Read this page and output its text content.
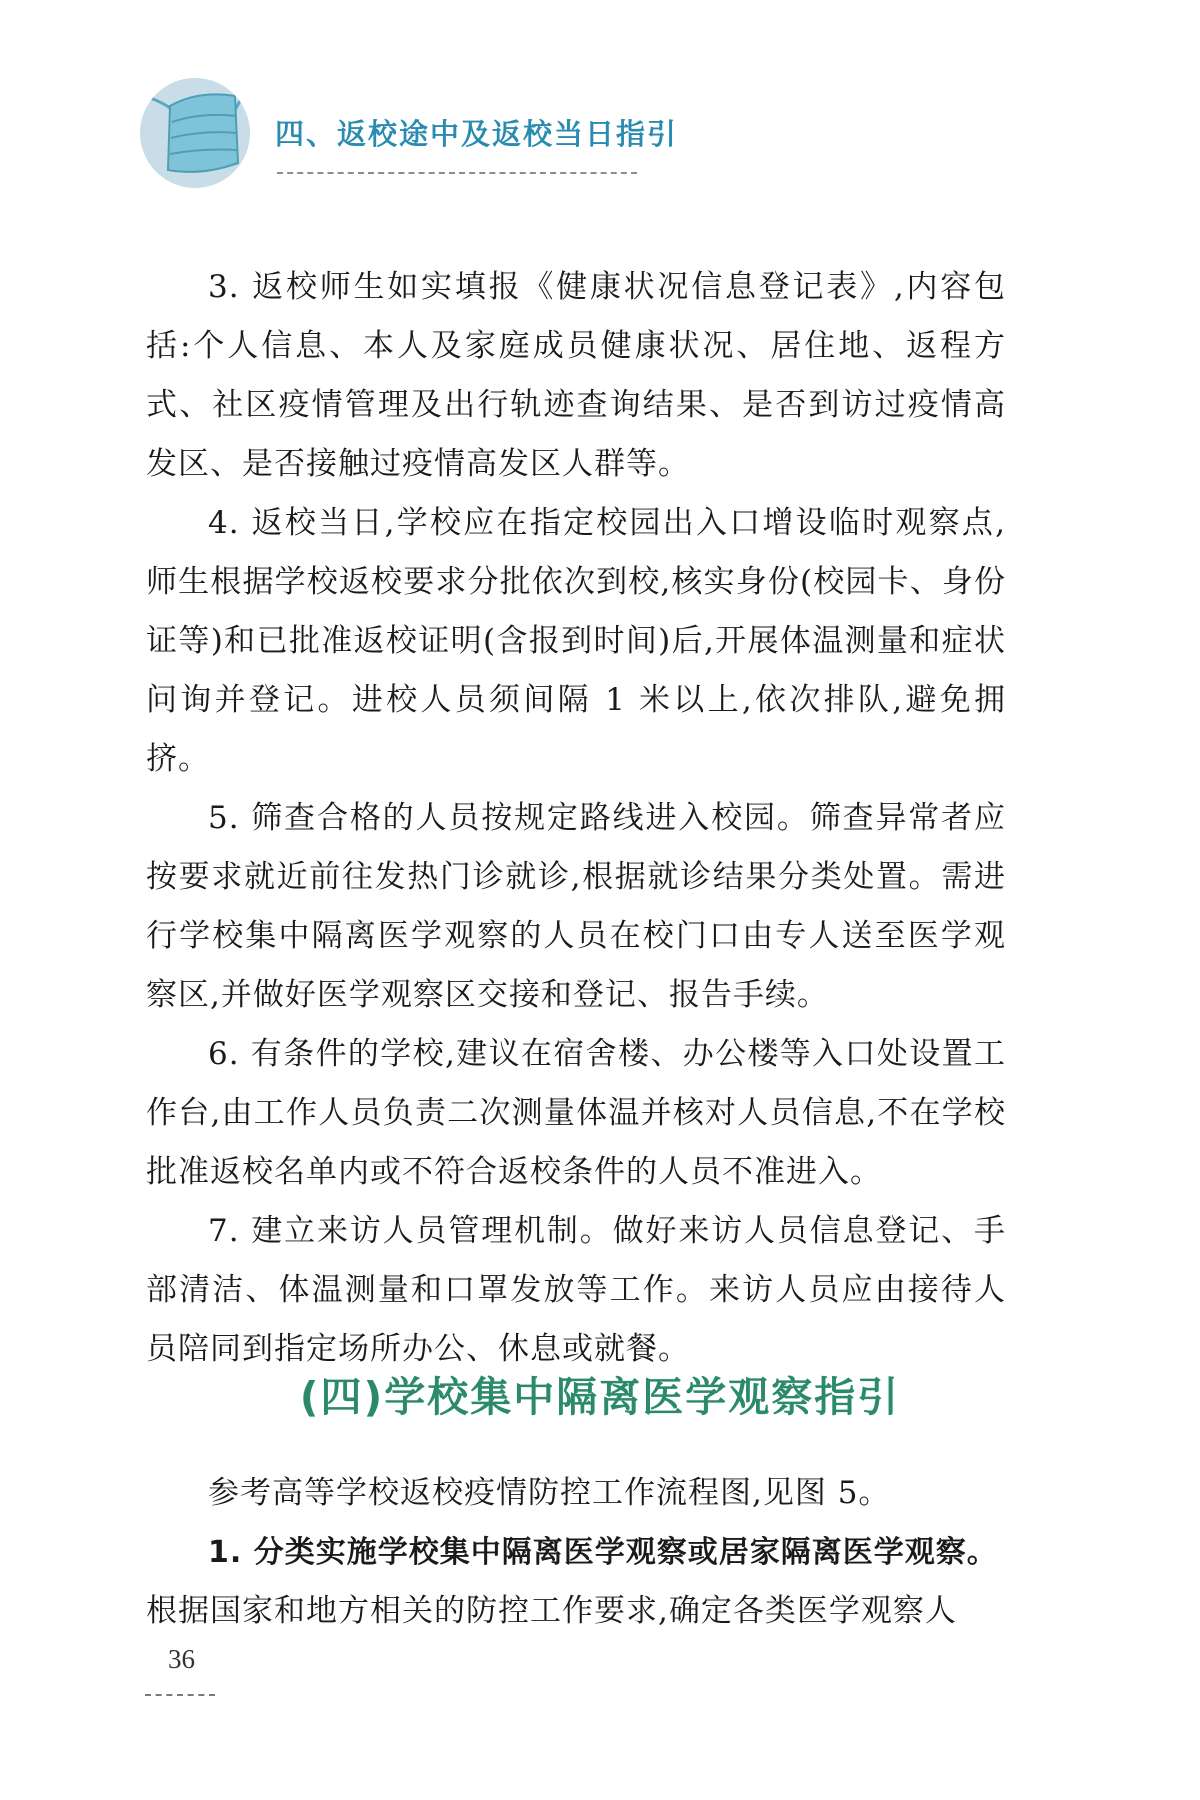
四、返校途中及返校当日指引

3. 返校师生如实填报《健康状况信息登记表》,内容包括:个人信息、本人及家庭成员健康状况、居住地、返程方式、社区疫情管理及出行轨迹查询结果、是否到访过疫情高发区、是否接触过疫情高发区人群等。

4. 返校当日,学校应在指定校园出入口增设临时观察点,师生根据学校返校要求分批依次到校,核实身份(校园卡、身份证等)和已批准返校证明(含报到时间)后,开展体温测量和症状问询并登记。进校人员须间隔 1 米以上,依次排队,避免拥挤。

5. 筛查合格的人员按规定路线进入校园。筛查异常者应按要求就近前往发热门诊就诊,根据就诊结果分类处置。需进行学校集中隔离医学观察的人员在校门口由专人送至医学观察区,并做好医学观察区交接和登记、报告手续。

6. 有条件的学校,建议在宿舍楼、办公楼等入口处设置工作台,由工作人员负责二次测量体温并核对人员信息,不在学校批准返校名单内或不符合返校条件的人员不准进入。

7. 建立来访人员管理机制。做好来访人员信息登记、手部清洁、体温测量和口罩发放等工作。来访人员应由接待人员陪同到指定场所办公、休息或就餐。

(四)学校集中隔离医学观察指引

参考高等学校返校疫情防控工作流程图,见图 5。

1. 分类实施学校集中隔离医学观察或居家隔离医学观察。

根据国家和地方相关的防控工作要求,确定各类医学观察人

36
